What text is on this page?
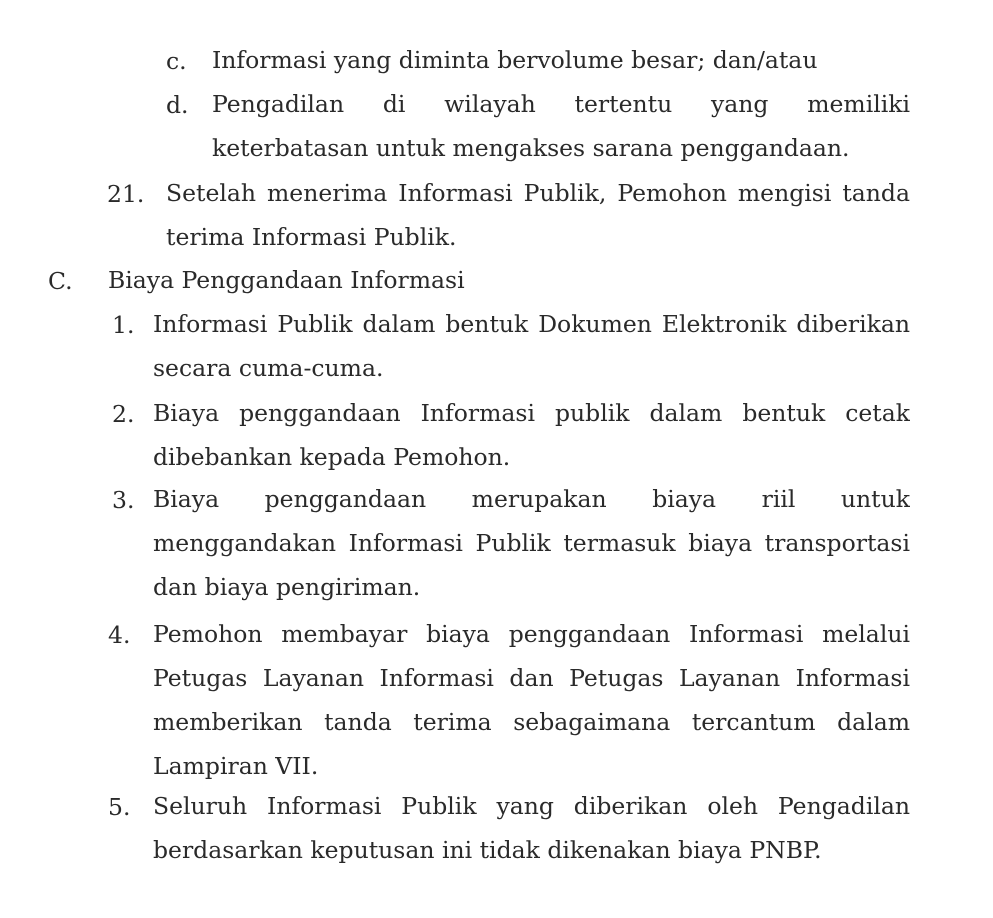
c. Informasi yang diminta bervolume besar; dan/atau
d. Pengadilan di wilayah tertentu yang memiliki
keterbatasan untuk mengakses sarana penggandaan.
21. Setelah menerima Informasi Publik, Pemohon mengisi tanda
terima Informasi Publik.
C. Biaya Penggandaan Informasi
1. Informasi Publik dalam bentuk Dokumen Elektronik diberikan
secara cuma-cuma.
2. Biaya penggandaan Informasi publik dalam bentuk cetak
dibebankan kepada Pemohon.
3. Biaya penggandaan merupakan biaya riil untuk
menggandakan Informasi Publik termasuk biaya transportasi
dan biaya pengiriman.
4. Pemohon membayar biaya penggandaan Informasi melalui
Petugas Layanan Informasi dan Petugas Layanan Informasi
memberikan tanda terima sebagaimana tercantum dalam
Lampiran VII.
5. Seluruh Informasi Publik yang diberikan oleh Pengadilan
berdasarkan keputusan ini tidak dikenakan biaya PNBP.
